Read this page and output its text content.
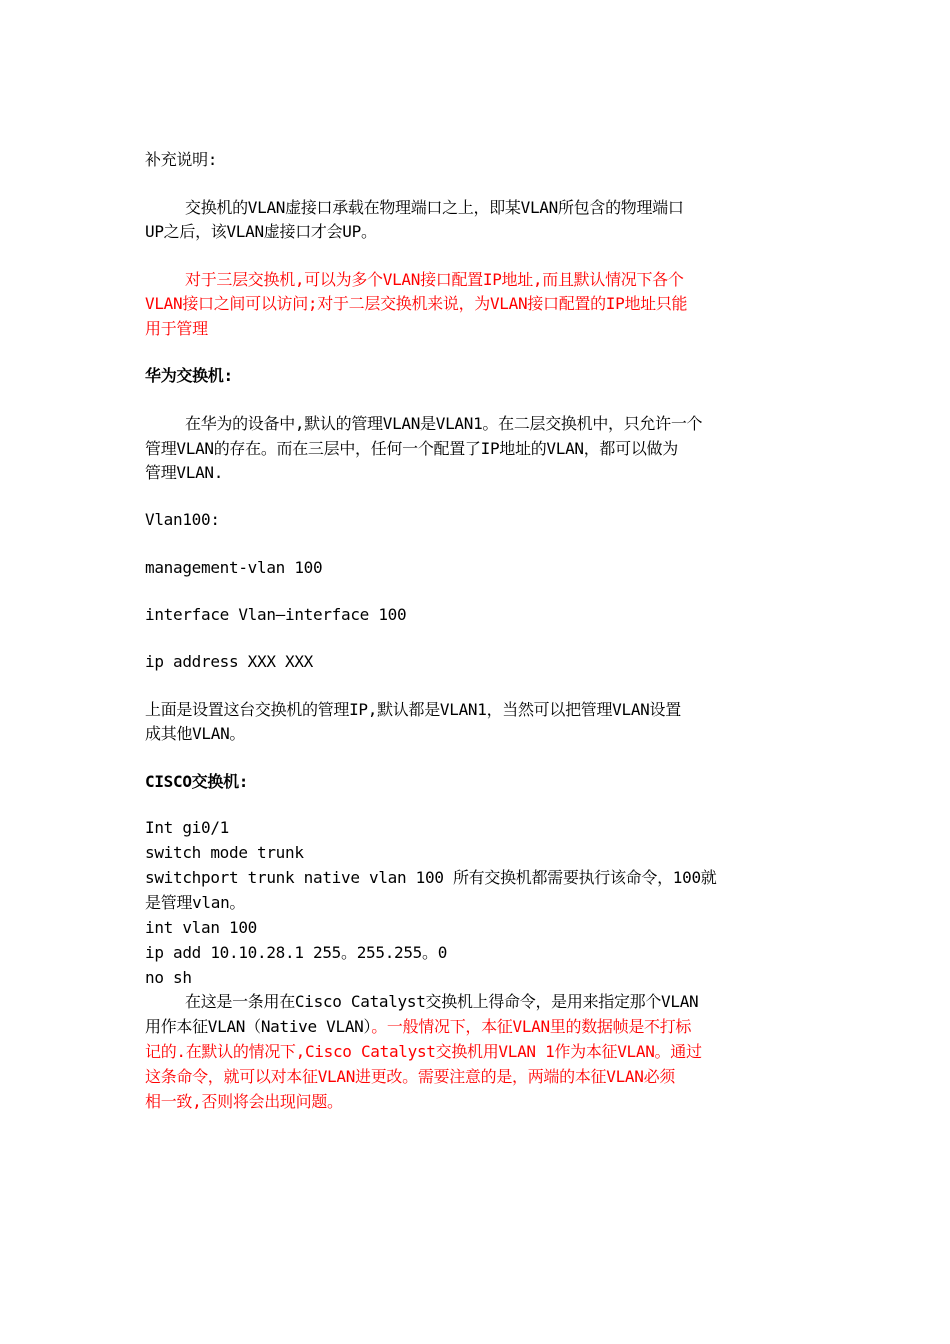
补充说明:
交换机的VLAN虚接口承载在物理端口之上，即某VLAN所包含的物理端口
UP之后，该VLAN虚接口才会UP。
对于三层交换机,可以为多个VLAN接口配置IP地址,而且默认情况下各个
VLAN接口之间可以访问;对于二层交换机来说，为VLAN接口配置的IP地址只能
用于管理
华为交换机:
在华为的设备中,默认的管理VLAN是VLAN1。在二层交换机中，只允许一个
管理VLAN的存在。而在三层中，任何一个配置了IP地址的VLAN，都可以做为
管理VLAN.
Vlan100:
management-vlan 100
interface Vlan—interface 100
ip address XXX XXX
上面是设置这台交换机的管理IP,默认都是VLAN1，当然可以把管理VLAN设置
成其他VLAN。
CISCO交换机:
Int gi0/1
switch mode trunk
switchport trunk native vlan 100 所有交换机都需要执行该命令，100就
是管理vlan。
int vlan 100
ip add 10.10.28.1 255。255.255。0
no sh
在这是一条用在Cisco Catalyst交换机上得命令，是用来指定那个VLAN
用作本征VLAN（Native VLAN）。一般情况下，本征VLAN里的数据帧是不打标
记的.在默认的情况下,Cisco Catalyst交换机用VLAN 1作为本征VLAN。通过
这条命令，就可以对本征VLAN进更改。需要注意的是，两端的本征VLAN必须
相一致,否则将会出现问题。
